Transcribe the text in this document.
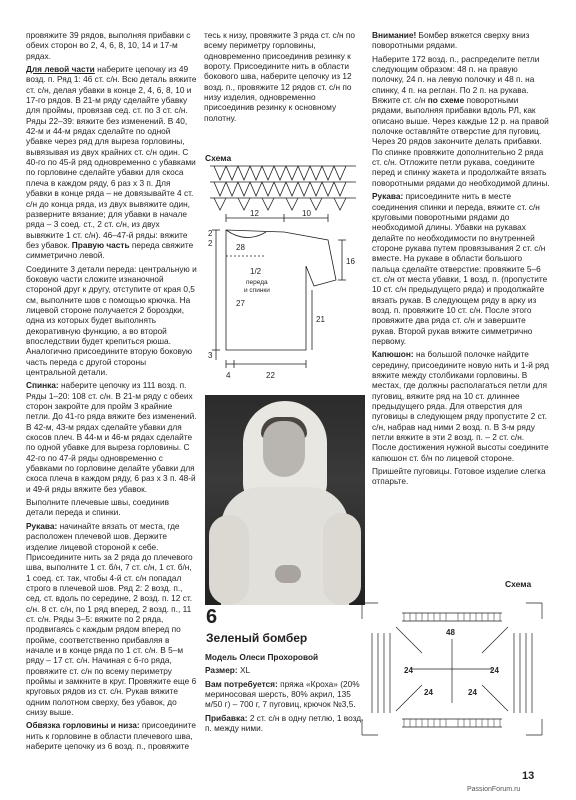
провяжите 39 рядов, выполняя прибавки с обеих сторон во 2, 4, 6, 8, 10, 14 и 17-м рядах.

Для левой части наберите цепочку из 49 возд. п. Ряд 1: 46 ст. с/н. Всю деталь вяжите ст. с/н, делая убавки в конце 2, 4, 6, 8, 10 и 17-го рядов. В 21-м ряду сделайте убавку для проймы, провязав сед. ст. по 3 ст. с/н. Ряды 22–39: вяжите без изменений. В 40, 42-м и 44-м рядах сделайте по одной убавке через ряд для выреза горловины, вывязывая из двух крайних ст. с/н один. С 40-го по 45-й ряд одновременно с убавками по горловине сделайте убавки для скоса плеча в каждом ряду, 6 раз х 3 п. Для убавки в конце ряда – не довязывайте 4 ст. с/н до конца ряда, из двух вывяжите один, разверните вязание; для убавки в начале ряда – 3 соед. ст., 2 ст. с/н, из двух вывяжите 1 ст. с/н). 46–47-й ряды: вяжите без убавок. Правую часть переда свяжите симметрично левой.

Соедините 3 детали переда: центральную и боковую части сложите изнаночной стороной друг к другу, отступите от края 0,5 см, выполните шов с помощью крючка. На лицевой стороне получается 2 бороздки, одна из которых будет выполнять декоративную функцию, а во второй впоследствии будет крепиться рюша. Аналогично присоедините вторую боковую часть переда с другой стороны центральной детали.

Спинка: наберите цепочку из 111 возд. п. Ряды 1–20: 108 ст. с/н. В 21-м ряду с обеих сторон закройте для пройм 3 крайние петли. До 41-го ряда вяжите без изменений. В 42-м, 43-м рядах сделайте убавки для скосов плеч. В 44-м и 46-м рядах сделайте по одной убавке для выреза горловины. С 42-го по 47-й ряды одновременно с убавками по горловине делайте убавки для скоса плеча в каждом ряду, 6 раз х 3 п. 48-й и 49-й ряды вяжите без убавок.

Выполните плечевые швы, соединив детали переда и спинки.

Рукава: начинайте вязать от места, где расположен плечевой шов. Держите изделие лицевой стороной к себе. Присоедините нить за 2 ряда до плечевого шва, выполните 1 ст. б/н, 7 ст. с/н, 1 ст. б/н, 1 соед. ст. так, чтобы 4-й ст. с/н попадал строго в плечевой шов. Ряд 2: 2 возд. п., сед. ст. вдоль по середине, 2 возд. п. 12 ст. с/н. 8 ст. с/н, по 1 ряд вперед, 2 возд. п., 11 ст. с/н. Ряды 3–5: вяжите по 2 ряда, продвигаясь с каждым рядом вперед по пройме, соответственно прибавляя в начале и в конце ряда по 1 ст. с/н. В 5–м ряду – 17 ст. с/н. Начиная с 6-го ряда, провяжите ст. с/н по всему периметру проймы и замкните в круг. Провяжите еще 6 круговых рядов из ст. с/н. Рукав вяжите одним полотном сверху, без убавок, до снизу выше.

Обвязка горловины и низа: присоедините нить к горловине в области плечевого шва, наберите цепочку из 6 возд. п., провяжите

тесь к низу, провяжите 3 ряда ст. с/н по всему периметру горловины, одновременно присоединив резинку к вороту. Присоедините нить в области бокового шва, наберите цепочку из 12 возд. п., провяжите 12 рядов ст. с/н по низу изделия, одновременно присоединив резинку к основному полотну.

Схема
12	10
2
2	28
16
27
21
3
4	22
1/2
переда
и спинки
6
Зеленый бомбер

Модель Олеси Прохоровой

Размер: XL

Вам потребуется: пряжа «Кроха» (20% мериносовая шерсть, 80% акрил, 135 м/50 г) – 700 г, 7 пуговиц, крючок №3,5.

Прибавка: 2 ст. с/н в одну петлю, 1 возд. п. между ними.

Внимание! Бомбер вяжется сверху вниз поворотными рядами.

Наберите 172 возд. п., распределите петли следующим образом: 48 п. на правую полочку, 24 п. на левую полочку и 48 п. на спинку, 4 п. на реглан. По 2 п. на рукава. Вяжите ст. с/н по схеме поворотными рядами, выполняя прибавки вдоль РЛ, как описано выше. Через каждые 12 р. на правой полочке оставляйте отверстие для пуговиц. Через 20 рядов закончите делать прибавки. По спинке провяжите дополнительно 2 ряда ст. с/н. Отложите петли рукава, соедините перед и спинку жакета и продолжайте вязать поворотными рядами до необходимой длины.

Рукава: присоедините нить в месте соединения спинки и переда, вяжите ст. с/н круговыми поворотными рядами до необходимой длины. Убавки на рукавах делайте по необходимости по внутренней стороне рукава путем провязывания 2 ст. с/н вместе. На рукаве в области большого пальца сделайте отверстие: провяжите 5–6 ст. с/н от места убавки, 1 возд. п. (пропустите 10 ст. с/н предыдущего ряда) и продолжайте вязать рукав. В следующем ряду в арку из возд. п. провяжите 10 ст. с/н. После этого провяжите два ряда ст. с/н и завершите рукав. Второй рукав вяжите симметрично первому.

Капюшон: на большой полочке найдите середину, присоедините новую нить и 1-й ряд вяжите между столбиками горловины. В местах, где должны располагаться петли для пуговиц, вяжите ряд на 10 ст. длиннее предыдущего ряда. Для отверстия для пуговицы в следующем ряду пропустите 2 ст. с/н, набрав над ними 2 возд. п. В 3-м ряду петли вяжите в эти 2 возд. п. – 2 ст. с/н. После достижения нужной высоты соедините капюшон ст. б/н по лицевой стороне.

Пришейте пуговицы. Готовое изделие слегка отпарьте.

Схема
48
24	24
24	24
13
PassionForum.ru
